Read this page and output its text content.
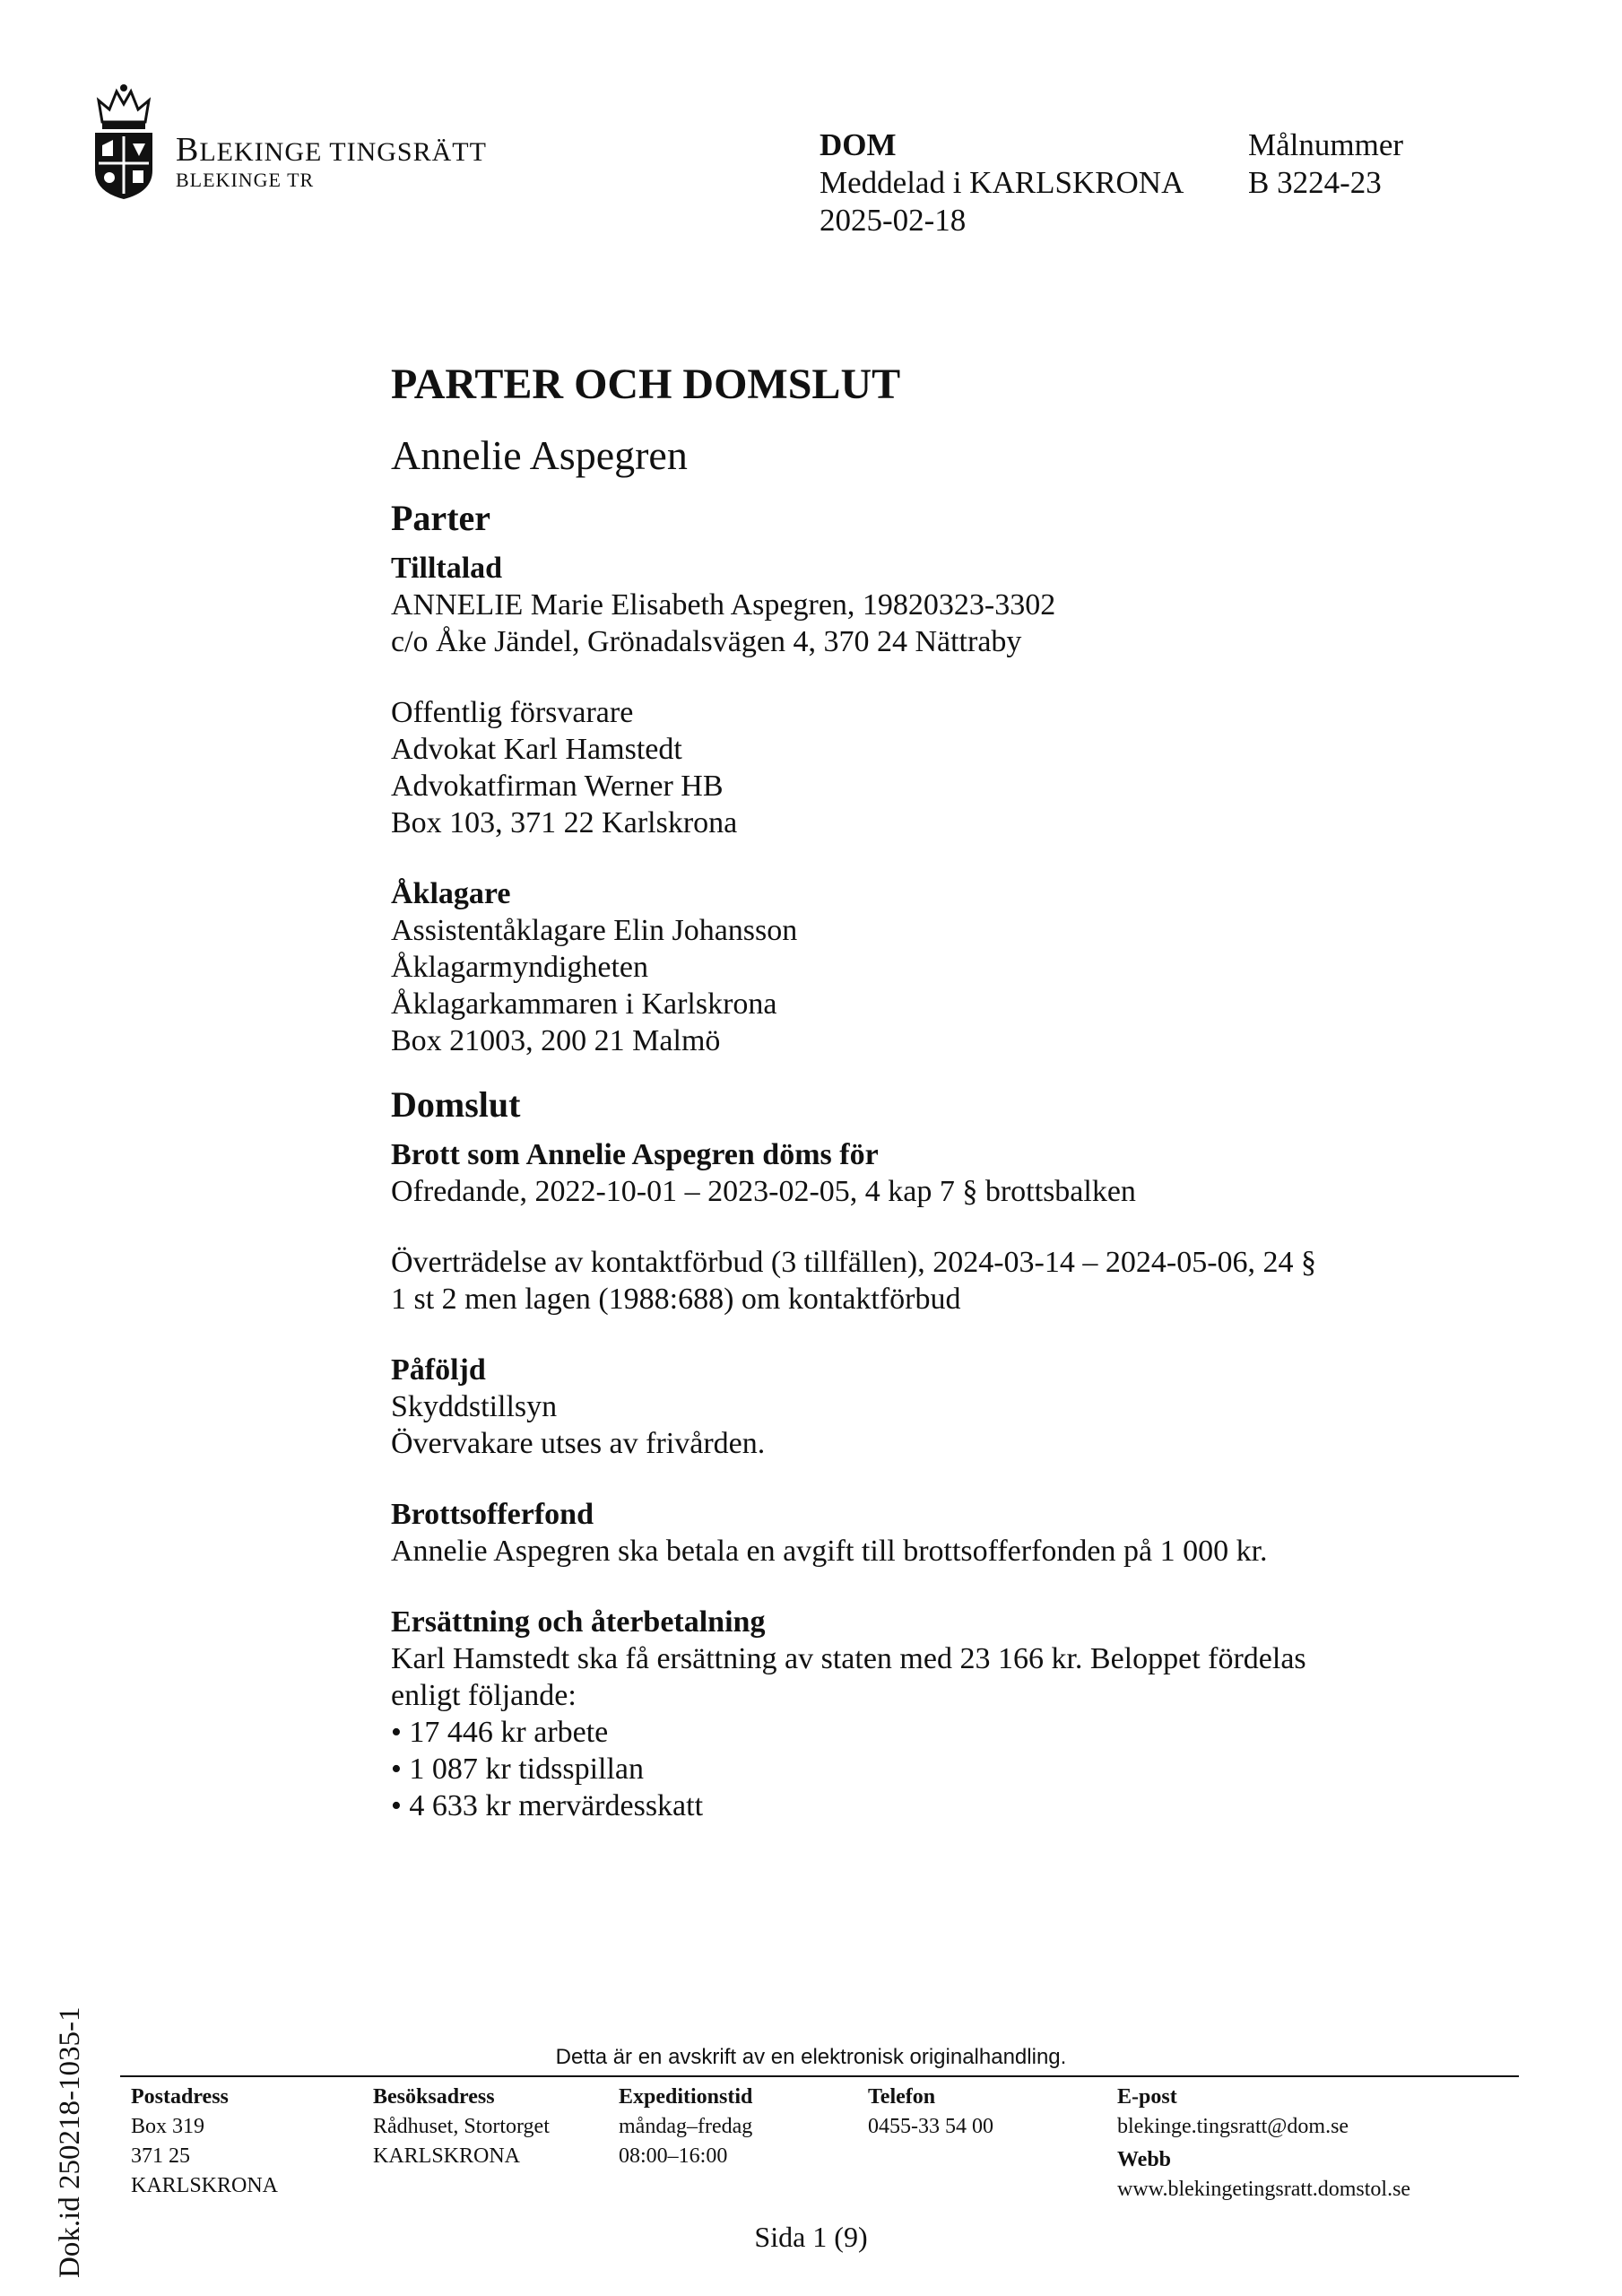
BLEKINGE TINGSRÄTT
BLEKINGE TR
DOM
Meddelad i KARLSKRONA
2025-02-18
Målnummer
B 3224-23
PARTER OCH DOMSLUT
Annelie Aspegren
Parter
Tilltalad
ANNELIE Marie Elisabeth Aspegren, 19820323-3302
c/o Åke Jändel, Grönadalsvägen 4, 370 24 Nättraby
Offentlig försvarare
Advokat Karl Hamstedt
Advokatfirman Werner HB
Box 103, 371 22 Karlskrona
Åklagare
Assistentåklagare Elin Johansson
Åklagarmyndigheten
Åklagarkammaren i Karlskrona
Box 21003, 200 21 Malmö
Domslut
Brott som Annelie Aspegren döms för
Ofredande, 2022-10-01 – 2023-02-05, 4 kap 7 § brottsbalken
Överträdelse av kontaktförbud (3 tillfällen), 2024-03-14 – 2024-05-06, 24 §
1 st 2 men lagen (1988:688) om kontaktförbud
Påföljd
Skyddstillsyn
Övervakare utses av frivården.
Brottsofferfond
Annelie Aspegren ska betala en avgift till brottsofferfonden på 1 000 kr.
Ersättning och återbetalning
Karl Hamstedt ska få ersättning av staten med 23 166 kr. Beloppet fördelas
enligt följande:
• 17 446 kr arbete
• 1 087 kr tidsspillan
• 4 633 kr mervärdesskatt
Dok.id 250218-1035-1	Detta är en avskrift av en elektronisk originalhandling.
Postadress
Box 319
371 25
KARLSKRONA
Besöksadress
Rådhuset, Stortorget
KARLSKRONA
Expeditionstid
måndag–fredag
08:00–16:00
Telefon
0455-33 54 00
E-post
blekinge.tingsratt@dom.se
Webb
www.blekingetingsratt.domstol.se
Sida 1 (9)
